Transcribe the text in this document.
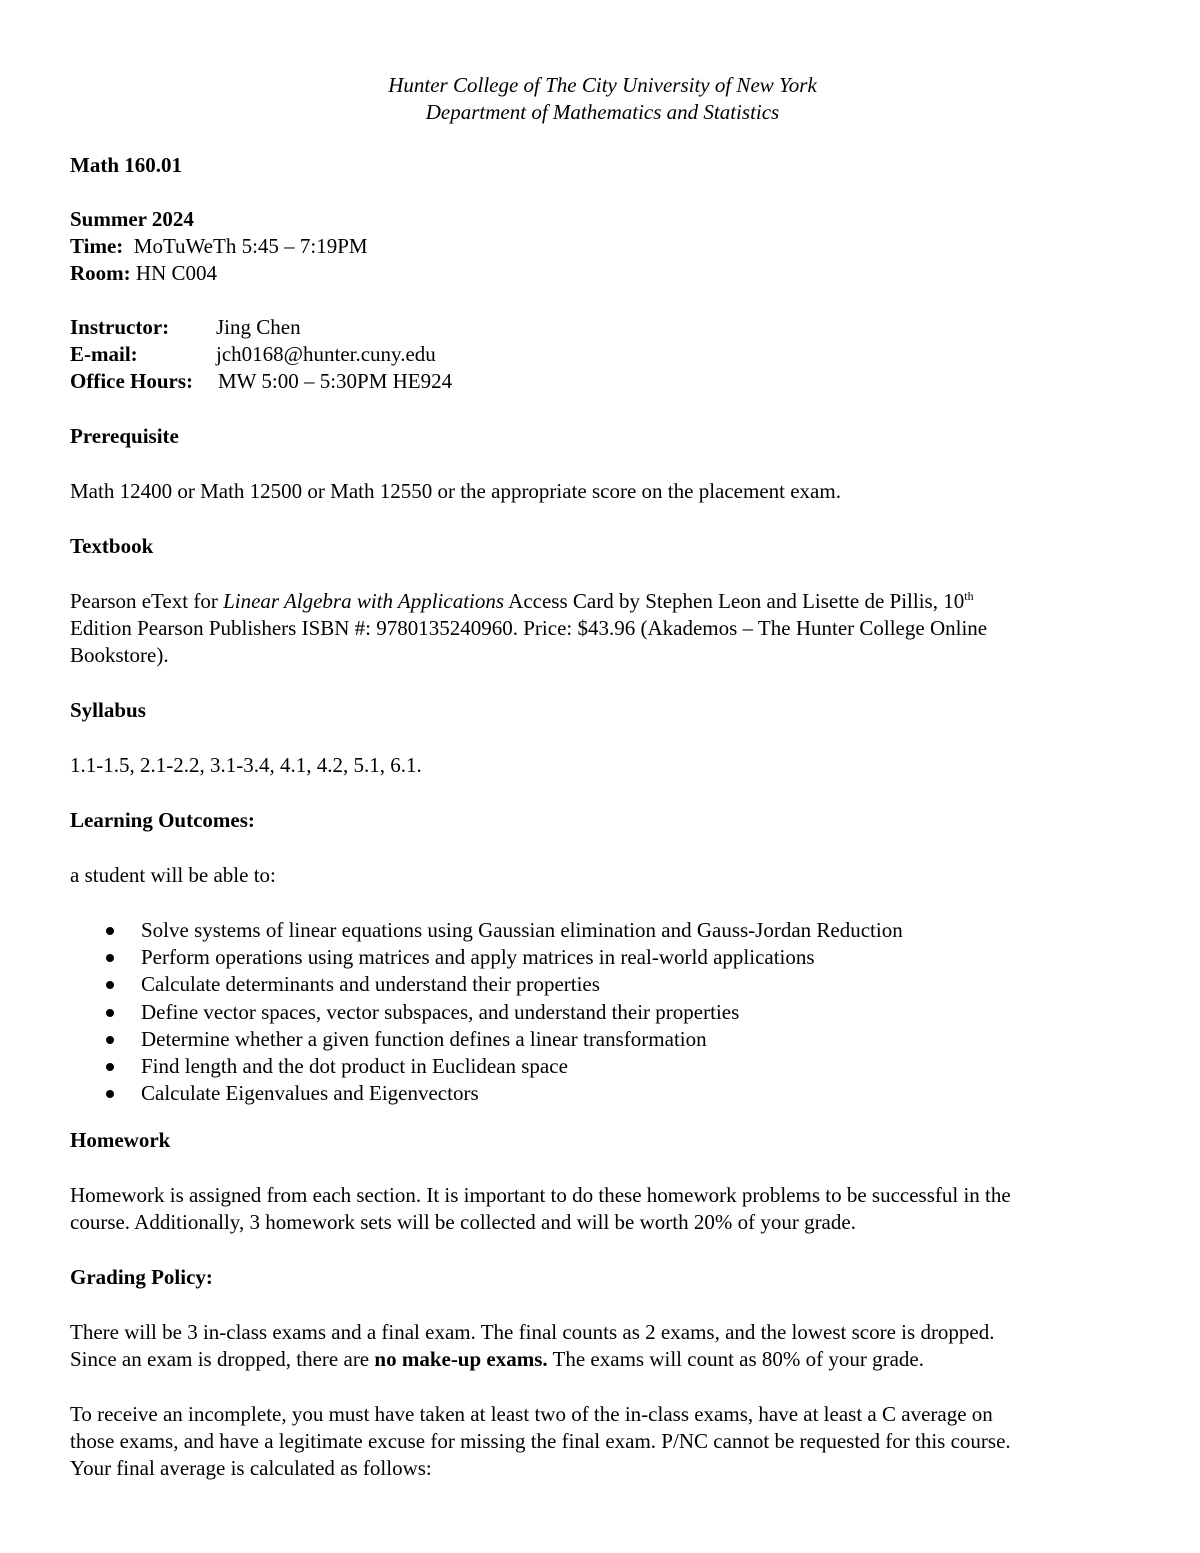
Hunter College of The City University of New York
Department of Mathematics and Statistics
Math 160.01
Summer 2024
Time: MoTuWeTh 5:45 – 7:19PM
Room: HN C004
Instructor: Jing Chen
E-mail:	jch0168@hunter.cuny.edu
Office Hours: MW 5:00 – 5:30PM HE924
Prerequisite
Math 12400 or Math 12500 or Math 12550 or the appropriate score on the placement exam.
Textbook
Pearson eText for Linear Algebra with Applications Access Card by Stephen Leon and Lisette de Pillis, 10th
Edition Pearson Publishers ISBN #: 9780135240960. Price: $43.96 (Akademos – The Hunter College Online
Bookstore).
Syllabus
1.1-1.5, 2.1-2.2, 3.1-3.4, 4.1, 4.2, 5.1, 6.1.
Learning Outcomes:
a student will be able to:
Solve systems of linear equations using Gaussian elimination and Gauss-Jordan Reduction
Perform operations using matrices and apply matrices in real-world applications
Calculate determinants and understand their properties
Define vector spaces, vector subspaces, and understand their properties
Determine whether a given function defines a linear transformation
Find length and the dot product in Euclidean space
Calculate Eigenvalues and Eigenvectors
Homework
Homework is assigned from each section. It is important to do these homework problems to be successful in the
course. Additionally, 3 homework sets will be collected and will be worth 20% of your grade.
Grading Policy:
There will be 3 in-class exams and a final exam. The final counts as 2 exams, and the lowest score is dropped.
Since an exam is dropped, there are no make-up exams. The exams will count as 80% of your grade.
To receive an incomplete, you must have taken at least two of the in-class exams, have at least a C average on
those exams, and have a legitimate excuse for missing the final exam. P/NC cannot be requested for this course.
Your final average is calculated as follows:
